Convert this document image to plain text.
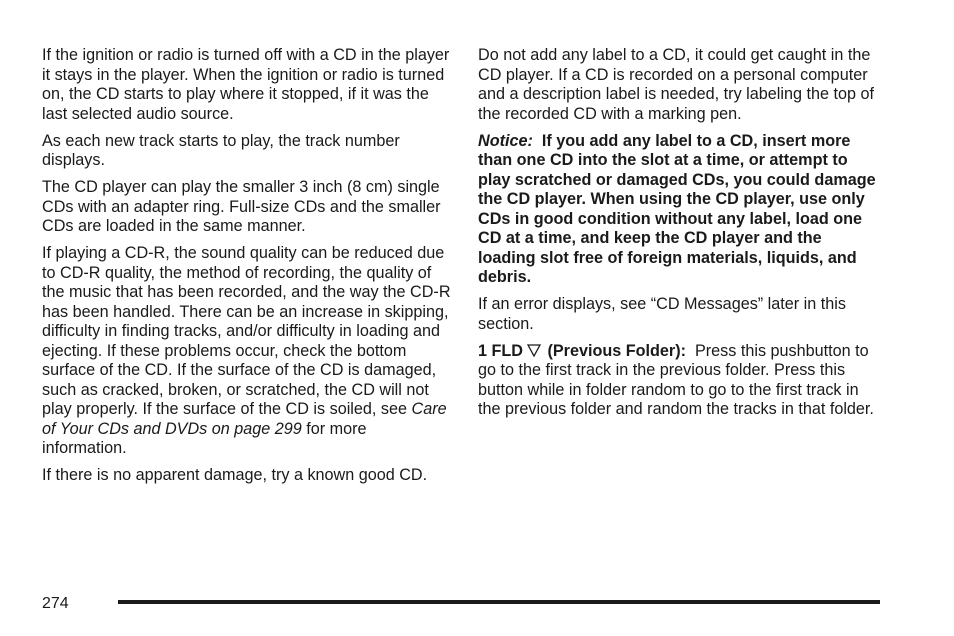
If the ignition or radio is turned off with a CD in the player it stays in the player. When the ignition or radio is turned on, the CD starts to play where it stopped, if it was the last selected audio source.

As each new track starts to play, the track number displays.

The CD player can play the smaller 3 inch (8 cm) single CDs with an adapter ring. Full-size CDs and the smaller CDs are loaded in the same manner.

If playing a CD-R, the sound quality can be reduced due to CD-R quality, the method of recording, the quality of the music that has been recorded, and the way the CD-R has been handled. There can be an increase in skipping, difficulty in finding tracks, and/or difficulty in loading and ejecting. If these problems occur, check the bottom surface of the CD. If the surface of the CD is damaged, such as cracked, broken, or scratched, the CD will not play properly. If the surface of the CD is soiled, see Care of Your CDs and DVDs on page 299 for more information.

If there is no apparent damage, try a known good CD.

Do not add any label to a CD, it could get caught in the CD player. If a CD is recorded on a personal computer and a description label is needed, try labeling the top of the recorded CD with a marking pen.

Notice: If you add any label to a CD, insert more than one CD into the slot at a time, or attempt to play scratched or damaged CDs, you could damage the CD player. When using the CD player, use only CDs in good condition without any label, load one CD at a time, and keep the CD player and the loading slot free of foreign materials, liquids, and debris.

If an error displays, see “CD Messages” later in this section.

1 FLD (Previous Folder): Press this pushbutton to go to the first track in the previous folder. Press this button while in folder random to go to the first track in the previous folder and random the tracks in that folder.

274
